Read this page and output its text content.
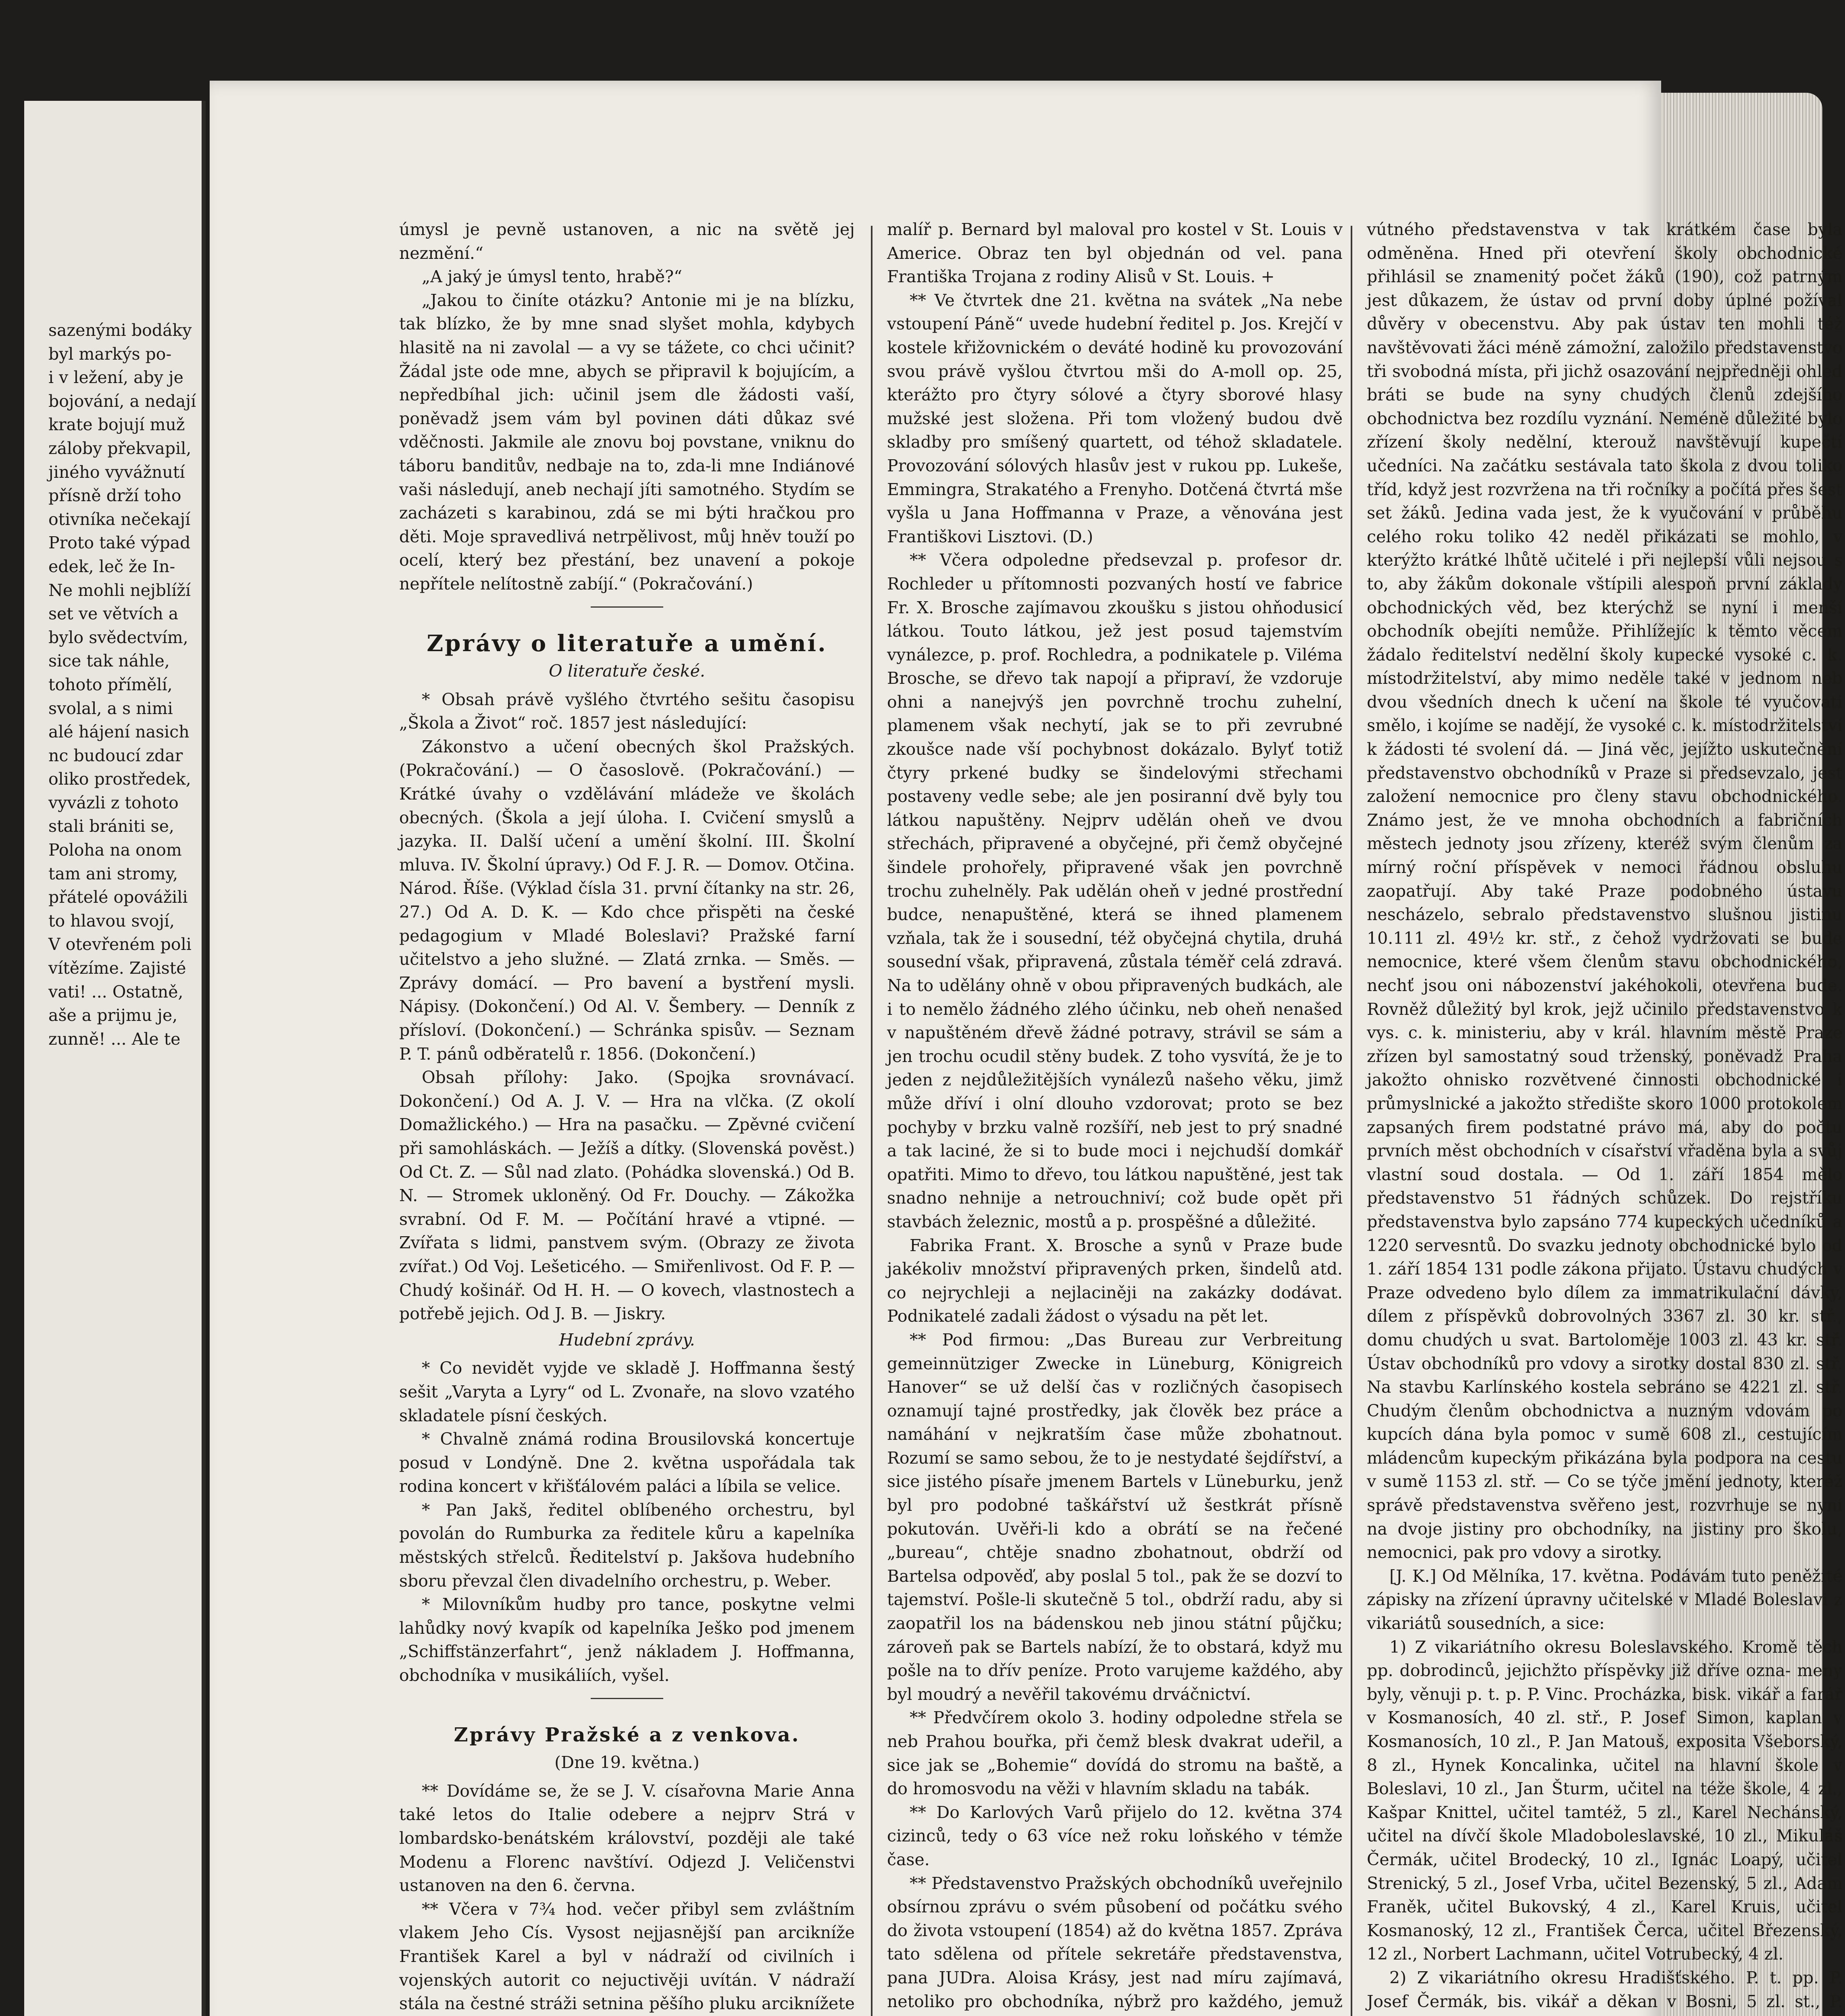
sazenými bodáky
byl markýs po-
i v ležení, aby je
bojování, a nedají
krate bojují muž
záloby překvapil,
jiného vyvážnutí
přísně drží toho
otivníka nečekají
Proto také výpad
edek, leč že In-
Ne mohli nejblíží
set ve větvích a
bylo svědectvím,
sice tak náhle,
tohoto přímělí,
svolal, a s nimi
alé hájení nasich
nc budoucí zdar
oliko prostředek,
vyvázli z tohoto
stali brániti se,
Poloha na onom
tam ani stromy,
přátelé opovážili
to hlavou svojí,
V otevřeném poli
vítězíme. Zajisté
vati! ... Ostatně,
aše a prijmu je,
zunně! ... Ale te

úmysl je pevně ustanoven, a nic na světě jej nezmění.“

„A jaký je úmysl tento, hrabě?“

„Jakou to činíte otázku? Antonie mi je na blízku, tak blízko, že by mne snad slyšet mohla, kdybych hlasitě na ni zavolal — a vy se tážete, co chci učinit? Žádal jste ode mne, abych se připravil k bojujícím, a nepředbíhal jich: učinil jsem dle žádosti vaší, poněvadž jsem vám byl povinen dáti důkaz své vděčnosti. Jakmile ale znovu boj povstane, vniknu do táboru banditův, nedbaje na to, zda-li mne Indiánové vaši následují, aneb nechají jíti samotného. Stydím se zacházeti s karabinou, zdá se mi býti hračkou pro děti. Moje spravedlivá netrpělivost, můj hněv touží po ocelí, který bez přestání, bez unavení a pokoje nepřítele nelítostně zabíjí.“ (Pokračování.)

Zprávy o literatuře a umění.
O literatuře české.

* Obsah právě vyšlého čtvrtého sešitu časopisu „Škola a Život“ roč. 1857 jest následující:

Zákonstvo a učení obecných škol Pražských. (Pokračování.) — O časoslově. (Pokračování.) — Krátké úvahy o vzdělávání mládeže ve školách obecných. (Škola a její úloha. I. Cvičení smyslů a jazyka. II. Další učení a umění školní. III. Školní mluva. IV. Školní úpravy.) Od F. J. R. — Domov. Otčina. Národ. Říše. (Výklad čísla 31. první čítanky na str. 26, 27.) Od A. D. K. — Kdo chce přispěti na české pedagogium v Mladé Boleslavi? Pražské farní učitelstvo a jeho služné. — Zlatá zrnka. — Směs. — Zprávy domácí. — Pro bavení a bystření mysli. Nápisy. (Dokončení.) Od Al. V. Šembery. — Denník z přísloví. (Dokončení.) — Schránka spisův. — Seznam P. T. pánů odběratelů r. 1856. (Dokončení.)

Obsah přílohy: Jako. (Spojka srovnávací. Dokončení.) Od A. J. V. — Hra na vlčka. (Z okolí Domažlického.) — Hra na pasačku. — Zpěvné cvičení při samohláskách. — Ježíš a dítky. (Slovenská pověst.) Od Ct. Z. — Sůl nad zlato. (Pohádka slovenská.) Od B. N. — Stromek ukloněný. Od Fr. Douchy. — Zákožka svrabní. Od F. M. — Počítání hravé a vtipné. — Zvířata s lidmi, panstvem svým. (Obrazy ze života zvířat.) Od Voj. Lešeticého. — Smiřenlivost. Od F. P. — Chudý košinář. Od H. H. — O kovech, vlastnostech a potřebě jejich. Od J. B. — Jiskry.

Hudební zprávy.

* Co nevidět vyjde ve skladě J. Hoffmanna šestý sešit „Varyta a Lyry“ od L. Zvonaře, na slovo vzatého skladatele písní českých.

* Chvalně známá rodina Brousilovská koncertuje posud v Londýně. Dne 2. května uspořádala tak rodina koncert v křišťálovém paláci a líbila se velice.

* Pan Jakš, ředitel oblíbeného orchestru, byl povolán do Rumburka za ředitele kůru a kapelníka městských střelců. Ředitelství p. Jakšova hudebního sboru převzal člen divadelního orchestru, p. Weber.

* Milovníkům hudby pro tance, poskytne velmi lahůdky nový kvapík od kapelníka Ješko pod jmenem „Schiffstänzerfahrt“, jenž nákladem J. Hoffmanna, obchodníka v musikáliích, vyšel.

Zprávy Pražské a z venkova.
(Dne 19. května.)

** Dovídáme se, že se J. V. císařovna Marie Anna také letos do Italie odebere a nejprv Strá v lombardsko-benátském království, později ale také Modenu a Florenc navštíví. Odjezd J. Veličenstvi ustanoven na den 6. června.

** Včera v 7¾ hod. večer přibyl sem zvláštním vlakem Jeho Cís. Vysost nejjasnější pan arcikníže František Karel a byl v nádraží od civilních i vojenských autorit co nejuctivěji uvítán. V nádraží stála na čestné stráži setnina pěšího pluku arciknížete

malíř p. Bernard byl maloval pro kostel v St. Louis v Americe. Obraz ten byl objednán od vel. pana Františka Trojana z rodiny Alisů v St. Louis. +

** Ve čtvrtek dne 21. května na svátek „Na nebe vstoupení Páně“ uvede hudební ředitel p. Jos. Krejčí v kostele křižovnickém o deváté hodině ku provozování svou právě vyšlou čtvrtou mši do A-moll op. 25, kterážto pro čtyry sólové a čtyry sborové hlasy mužské jest složena. Při tom vložený budou dvě skladby pro smíšený quartett, od téhož skladatele. Provozování sólových hlasův jest v rukou pp. Lukeše, Emmingra, Strakatého a Frenyho. Dotčená čtvrtá mše vyšla u Jana Hoffmanna v Praze, a věnována jest Františkovi Lisztovi. (D.)

** Včera odpoledne předsevzal p. profesor dr. Rochleder u přítomnosti pozvaných hostí ve fabrice Fr. X. Brosche zajímavou zkoušku s jistou ohňodusicí látkou. Touto látkou, jež jest posud tajemstvím vynálezce, p. prof. Rochledra, a podnikatele p. Viléma Brosche, se dřevo tak napojí a připraví, že vzdoruje ohni a nanejvýš jen povrchně trochu zuhelní, plamenem však nechytí, jak se to při zevrubné zkoušce nade vší pochybnost dokázalo. Bylyť totiž čtyry prkené budky se šindelovými střechami postaveny vedle sebe; ale jen posiranní dvě byly tou látkou napuštěny. Nejprv udělán oheň ve dvou střechách, připravené a obyčejné, při čemž obyčejné šindele prohořely, připravené však jen povrchně trochu zuhelněly. Pak udělán oheň v jedné prostřední budce, nenapuštěné, která se ihned plamenem vzňala, tak že i sousední, též obyčejná chytila, druhá sousední však, připravená, zůstala téměř celá zdravá. Na to udělány ohně v obou připravených budkách, ale i to nemělo žádného zlého účinku, neb oheň nenašed v napuštěném dřevě žádné potravy, strávil se sám a jen trochu ocudil stěny budek. Z toho vysvítá, že je to jeden z nejdůležitějších vynálezů našeho věku, jimž může dříví i olní dlouho vzdorovat; proto se bez pochyby v brzku valně rozšíří, neb jest to prý snadné a tak laciné, že si to bude moci i nejchudší domkář opatřiti. Mimo to dřevo, tou látkou napuštěné, jest tak snadno nehnije a netrouchniví; což bude opět při stavbách železnic, mostů a p. prospěšné a důležité.

Fabrika Frant. X. Brosche a synů v Praze bude jakékoliv množství připravených prken, šindelů atd. co nejrychleji a nejlaciněji na zakázky dodávat. Podnikatelé zadali žádost o výsadu na pět let.

** Pod firmou: „Das Bureau zur Verbreitung gemeinnütziger Zwecke in Lüneburg, Königreich Hanover“ se už delší čas v rozličných časopisech oznamují tajné prostředky, jak člověk bez práce a namáhání v nejkratším čase může zbohatnout. Rozumí se samo sebou, že to je nestydaté šejdířství, a sice jistého písaře jmenem Bartels v Lüneburku, jenž byl pro podobné taškářství už šestkrát přísně pokutován. Uvěři-li kdo a obrátí se na řečené „bureau“, chtěje snadno zbohatnout, obdrží od Bartelsa odpověď, aby poslal 5 tol., pak že se dozví to tajemství. Pošle-li skutečně 5 tol., obdrží radu, aby si zaopatřil los na bádenskou neb jinou státní půjčku; zároveň pak se Bartels nabízí, že to obstará, když mu pošle na to dřív peníze. Proto varujeme každého, aby byl moudrý a nevěřil takovému drváčnictví.

** Předvčírem okolo 3. hodiny odpoledne střela se neb Prahou bouřka, při čemž blesk dvakrat udeřil, a sice jak se „Bohemie“ dovídá do stromu na baště, a do hromosvodu na věži v hlavním skladu na tabák.

** Do Karlových Varů přijelo do 12. května 374 cizinců, tedy o 63 více než roku loňského v témže čase.

** Představenstvo Pražských obchodníků uveřejnilo obsírnou zprávu o svém působení od počátku svého do života vstoupení (1854) až do května 1857. Zpráva tato sdělena od přítele sekretáře představenstva, pana JUDra. Aloisa Krásy, jest nad míru zajímavá, netoliko pro obchodníka, nýbrž pro každého, jemuž

vútného představenstva v tak krátkém čase byla odměněna. Hned při otevření školy obchodnické přihlásil se znamenitý počet žáků (190), což patrným jest důkazem, že ústav od první doby úplné požíval důvěry v obecenstvu. Aby pak ústav ten mohli též navštěvovati žáci méně zámožní, založilo představenstvo tři svobodná místa, při jichž osazování nejpředněji ohled bráti se bude na syny chudých členů zdejšího obchodnictva bez rozdílu vyznání. Neméně důležité bylo zřízení školy nedělní, kterouž navštěvují kupečtí učedníci. Na začátku sestávala tato škola z dvou toliko tříd, když jest rozvržena na tři ročníky a počítá přes šest set žáků. Jedina vada jest, že k vyučování v průběhu celého roku toliko 42 neděl přikázati se mohlo, v kterýžto krátké lhůtě učitelé i při nejlepší vůli nejsou s to, aby žákům dokonale vštípili alespoň první základy obchodnických věd, bez kterýchž se nyní i menší obchodník obejíti nemůže. Přihlížejíc k těmto věcem žádalo ředitelství nedělní školy kupecké vysoké c. k. místodržitelství, aby mimo neděle také v jednom neb dvou všedních dnech k učení na škole té vyučovati smělo, i kojíme se nadějí, že vysoké c. k. místodržitelství k žádosti té svolení dá. — Jiná věc, jejížto uskutečnění představenstvo obchodníků v Praze si předsevzalo, jest založení nemocnice pro členy stavu obchodnického. Známo jest, že ve mnoha obchodních a fabričních městech jednoty jsou zřízeny, kteréž svým členům za mírný roční příspěvek v nemoci řádnou obsluhu zaopatřují. Aby také Praze podobného ústavu nescházelo, sebralo představenstvo slušnou jistinu 10.111 zl. 49½ kr. stř., z čehož vydržovati se bude nemocnice, které všem členům stavu obchodnického, nechť jsou oni nábozenství jakéhokoli, otevřena bude. Rovněž důležitý byl krok, jejž učinilo představenstvo k vys. c. k. ministeriu, aby v král. hlavním městě Praze zřízen byl samostatný soud trženský, poněvadž Praha jakožto ohnisko rozvětvené činnosti obchodnické i průmyslnické a jakožto středište skoro 1000 protokolem zapsaných firem podstatné právo má, aby do počtu prvních měst obchodních v císařství vřaděna byla a svůj vlastní soud dostala. — Od 1. září 1854 mělo představenstvo 51 řádných schůzek. Do rejstříku představenstva bylo zapsáno 774 kupeckých učedníků a 1220 servesntů. Do svazku jednoty obchodnické bylo od 1. září 1854 131 podle zákona přijato. Ústavu chudých v Praze odvedeno bylo dílem za immatrikulační dávky, dílem z příspěvků dobrovolných 3367 zl. 30 kr. stř., domu chudých u svat. Bartoloměje 1003 zl. 43 kr. stř. Ústav obchodníků pro vdovy a sirotky dostal 830 zl. stř. Na stavbu Karlínského kostela sebráno se 4221 zl. stř. Chudým členům obchodnictva a nuzným vdovám po kupcích dána byla pomoc v sumě 608 zl., cestujícím mládencům kupeckým přikázána byla podpora na cestu v sumě 1153 zl. stř. — Co se týče jmění jednoty, kteréž správě představenstva svěřeno jest, rozvrhuje se nyní na dvoje jistiny pro obchodníky, na jistiny pro školu, nemocnici, pak pro vdovy a sirotky.

[J. K.] Od Mělníka, 17. května. Podávám tuto peněžité zápisky na zřízení úpravny učitelské v Mladé Boleslavi z vikariátů sousedních, a sice:

1) Z vikariátního okresu Boleslavského. Kromě těch pp. dobrodinců, jejichžto příspěvky již dříve ozna- meny byly, věnuji p. t. p. P. Vinc. Procházka, bisk. vikář a farář v Kosmanosích, 40 zl. stř., P. Josef Simon, kaplan v Kosmanosích, 10 zl., P. Jan Matouš, exposita Všeborský, 8 zl., Hynek Koncalinka, učitel na hlavní škole v Boleslavi, 10 zl., Jan Šturm, učitel na téže škole, 4 zl., Kašpar Knittel, učitel tamtéž, 5 zl., Karel Nechánský, učitel na dívčí škole Mladoboleslavské, 10 zl., Mikuláš Čermák, učitel Brodecký, 10 zl., Ignác Loapý, učitel Strenický, 5 zl., Josef Vrba, učitel Bezenský, 5 zl., Adam Franěk, učitel Bukovský, 4 zl., Karel Kruis, učitel Kosmanoský, 12 zl., František Čerca, učitel Březenský, 12 zl., Norbert Lachmann, učitel Votrubecký, 4 zl.

2) Z vikariátního okresu Hradišťského. P. t. pp. P. Josef Čermák, bis. vikář a děkan v Bosni, 5 zl. st., P.
